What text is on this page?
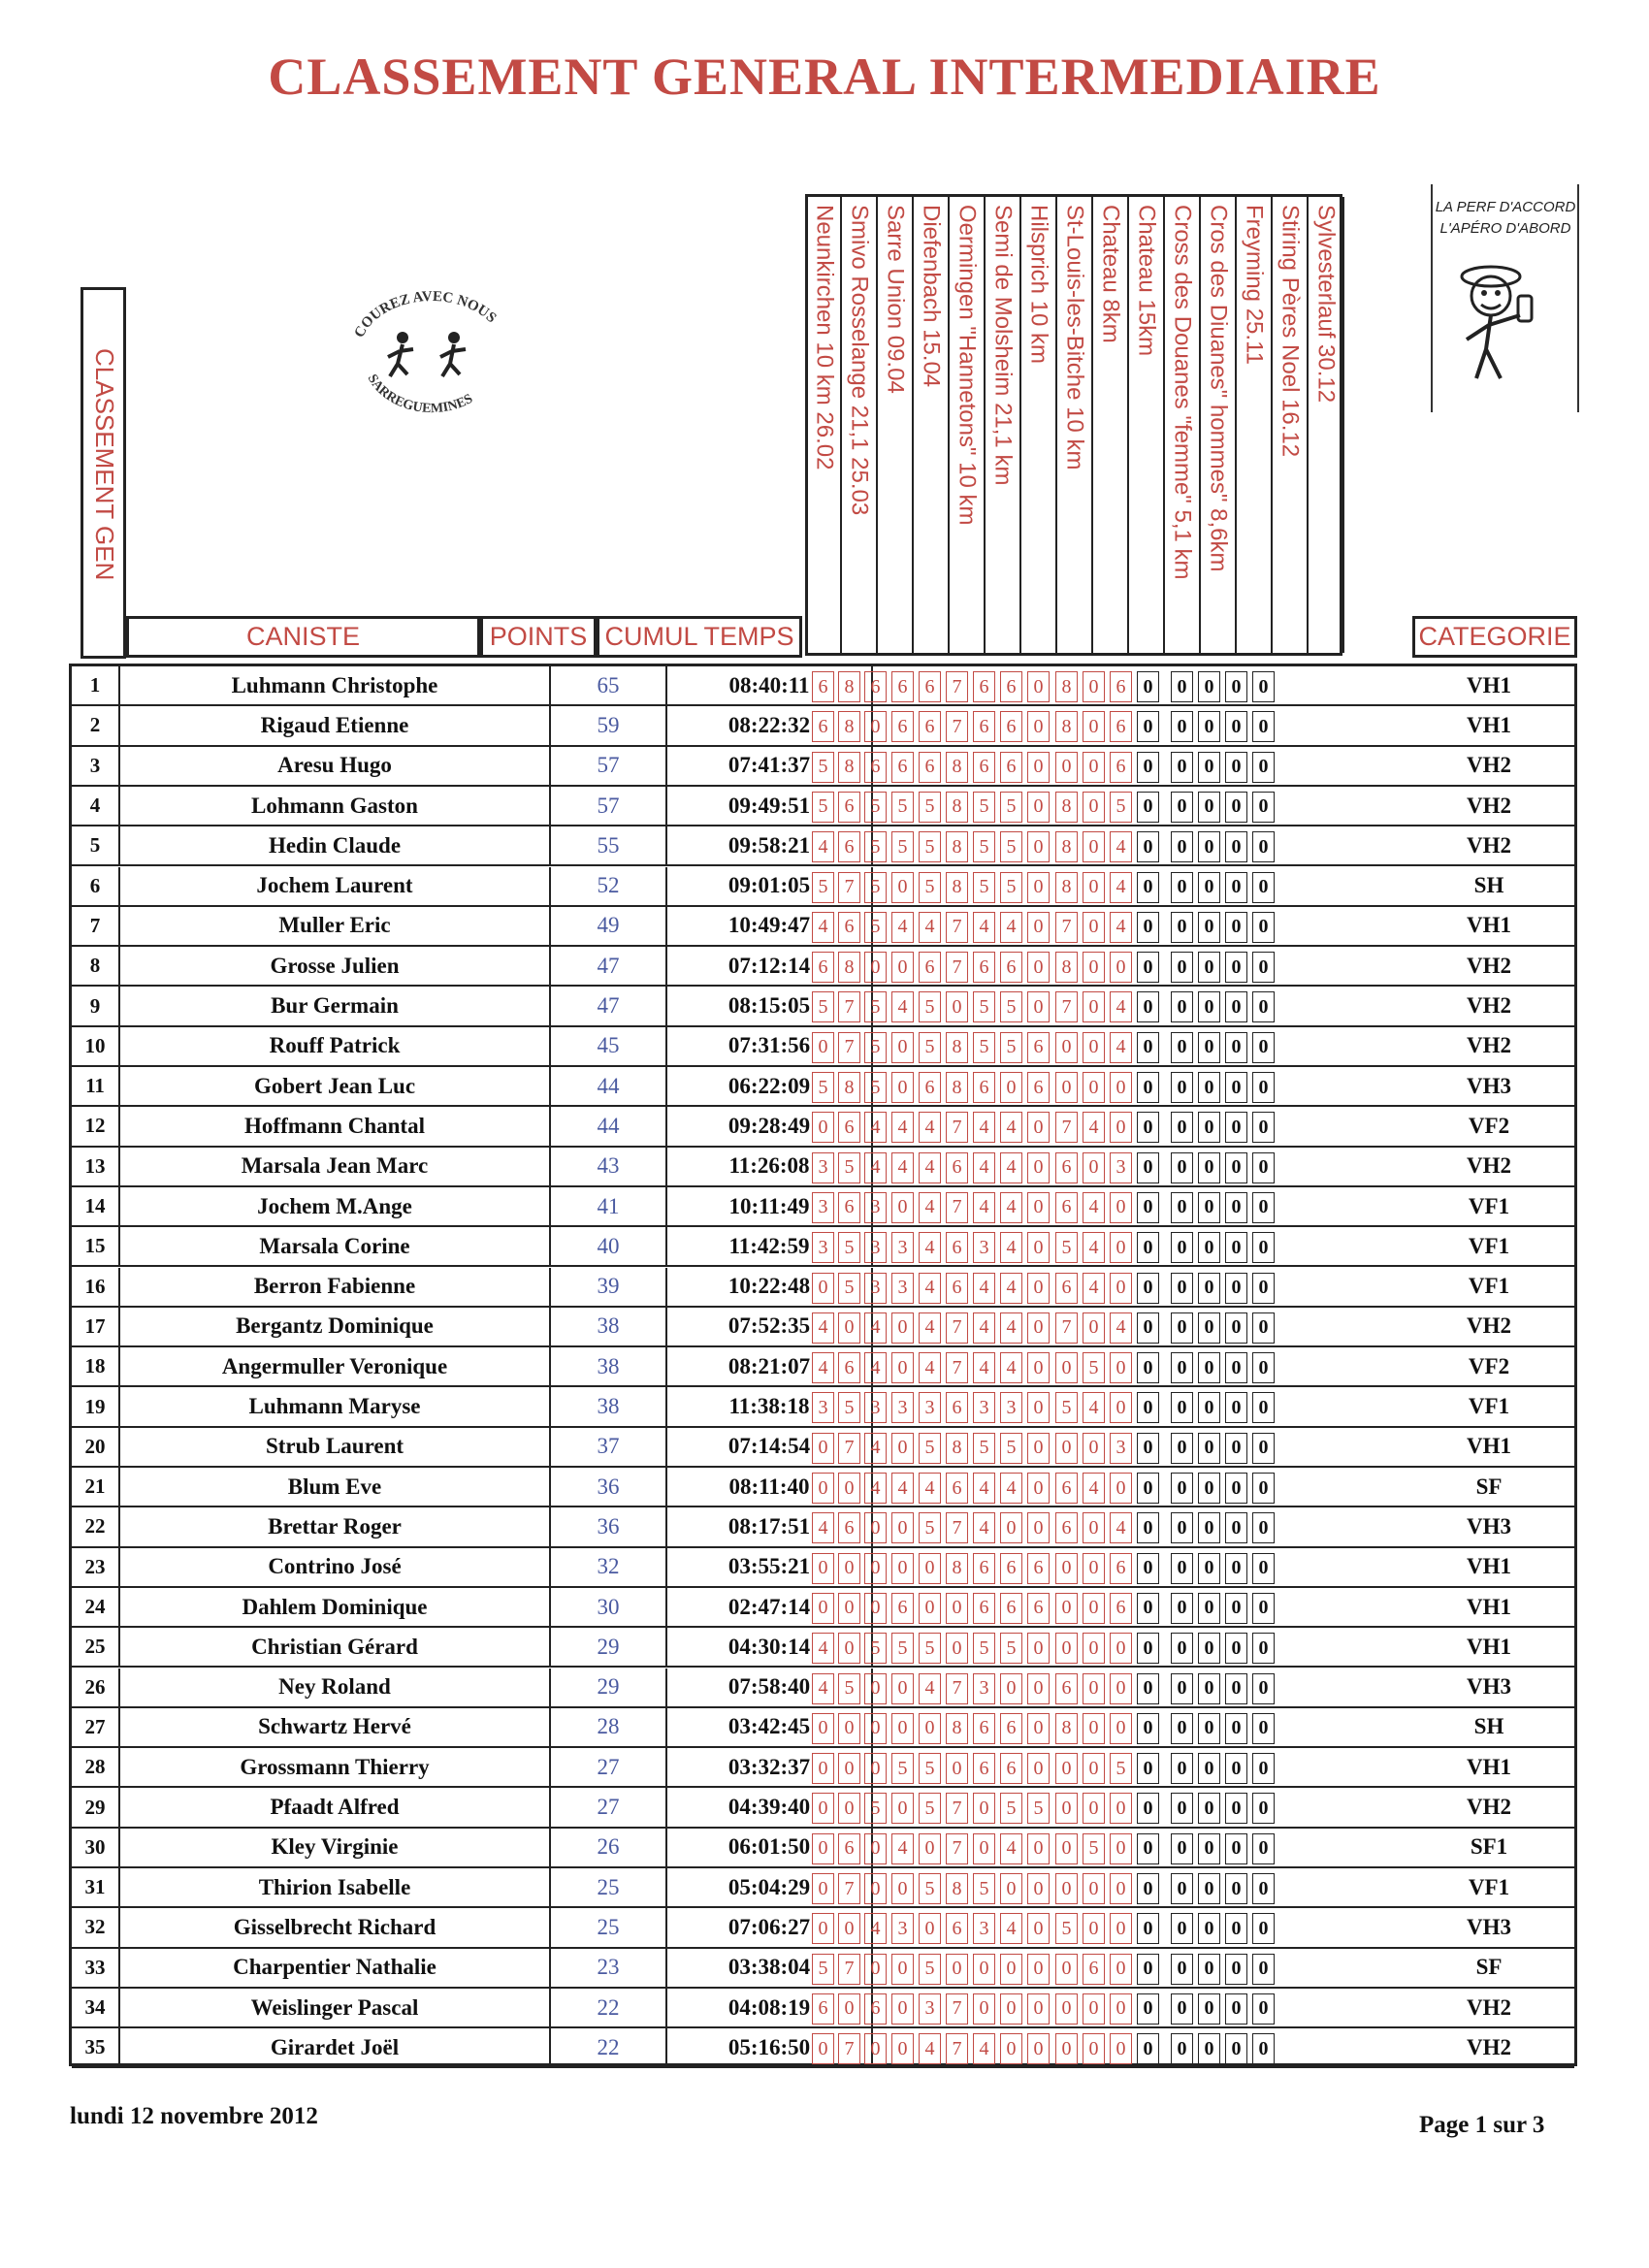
CLASSEMENT GENERAL INTERMEDIAIRE
CLASSEMENT GEN
COUREZ AVEC NOUS
SARREGUEMINES
LA PERF D'ACCORD
L'APÉRO D'ABORD
CANISTE	POINTS CUMUL TEMPS	CATEGORIE
Neunkirchen 10 km 26.02 Smivo Rosselange 21,1 25.03 Sarre Union 09.04 Diefenbach 15.04 Oermingen "Hannetons" 10 km Semi de Molsheim 21,1 km Hilsprich 10 km St-Louis-les-Bitche 10 km Chateau 8km Chateau 15km Cross des Douanes "femme" 5,1 km Cros des Diuanes" hommes" 8,6km Freyming 25.11 Stiring Pères Noel 16.12 Sylvesterlauf 30.12
1	Luhmann Christophe	65	08:40:11 6 8 6 6 6 7 6 6 0 8 0 6 0	0 0 0 0	VH1
2	Rigaud Etienne	59	08:22:32 6 8 0 6 6 7 6 6 0 8 0 6 0	0 0 0 0	VH1
3	Aresu Hugo	57	07:41:37 5 8 6 6 6 8 6 6 0 0 0 6 0	0 0 0 0	VH2
4	Lohmann Gaston	57	09:49:51 5 6 5 5 5 8 5 5 0 8 0 5 0	0 0 0 0	VH2
5	Hedin Claude	55	09:58:21 4 6 5 5 5 8 5 5 0 8 0 4 0	0 0 0 0	VH2
6	Jochem Laurent	52	09:01:05 5 7 5 0 5 8 5 5 0 8 0 4 0	0 0 0 0	SH
7	Muller Eric	49	10:49:47 4 6 5 4 4 7 4 4 0 7 0 4 0	0 0 0 0	VH1
8	Grosse Julien	47	07:12:14 6 8 0 0 6 7 6 6 0 8 0 0 0	0 0 0 0	VH2
9	Bur Germain	47	08:15:05 5 7 5 4 5 0 5 5 0 7 0 4 0	0 0 0 0	VH2
10	Rouff Patrick	45	07:31:56 0 7 5 0 5 8 5 5 6 0 0 4 0	0 0 0 0	VH2
11	Gobert Jean Luc	44	06:22:09 5 8 5 0 6 8 6 0 6 0 0 0 0	0 0 0 0	VH3
12	Hoffmann Chantal	44	09:28:49 0 6 4 4 4 7 4 4 0 7 4 0 0	0 0 0 0	VF2
13	Marsala Jean Marc	43	11:26:08 3 5 4 4 4 6 4 4 0 6 0 3 0	0 0 0 0	VH2
14	Jochem M.Ange	41	10:11:49 3 6 3 0 4 7 4 4 0 6 4 0 0	0 0 0 0	VF1
15	Marsala Corine	40	11:42:59 3 5 3 3 4 6 3 4 0 5 4 0 0	0 0 0 0	VF1
16	Berron Fabienne	39	10:22:48 0 5 3 3 4 6 4 4 0 6 4 0 0	0 0 0 0	VF1
17	Bergantz Dominique	38	07:52:35 4 0 4 0 4 7 4 4 0 7 0 4 0	0 0 0 0	VH2
18	Angermuller Veronique	38	08:21:07 4 6 4 0 4 7 4 4 0 0 5 0 0	0 0 0 0	VF2
19	Luhmann Maryse	38	11:38:18 3 5 3 3 3 6 3 3 0 5 4 0 0	0 0 0 0	VF1
20	Strub Laurent	37	07:14:54 0 7 4 0 5 8 5 5 0 0 0 3 0	0 0 0 0	VH1
21	Blum Eve	36	08:11:40 0 0 4 4 4 6 4 4 0 6 4 0 0	0 0 0 0	SF
22	Brettar Roger	36	08:17:51 4 6 0 0 5 7 4 0 0 6 0 4 0	0 0 0 0	VH3
23	Contrino José	32	03:55:21 0 0 0 0 0 8 6 6 6 0 0 6 0	0 0 0 0	VH1
24	Dahlem Dominique	30	02:47:14 0 0 0 6 0 0 6 6 6 0 0 6 0	0 0 0 0	VH1
25	Christian Gérard	29	04:30:14 4 0 5 5 5 0 5 5 0 0 0 0 0	0 0 0 0	VH1
26	Ney Roland	29	07:58:40 4 5 0 0 4 7 3 0 0 6 0 0 0	0 0 0 0	VH3
27	Schwartz Hervé	28	03:42:45 0 0 0 0 0 8 6 6 0 8 0 0 0	0 0 0 0	SH
28	Grossmann Thierry	27	03:32:37 0 0 0 5 5 0 6 6 0 0 0 5 0	0 0 0 0	VH1
29	Pfaadt Alfred	27	04:39:40 0 0 5 0 5 7 0 5 5 0 0 0 0	0 0 0 0	VH2
30	Kley Virginie	26	06:01:50 0 6 0 4 0 7 0 4 0 0 5 0 0	0 0 0 0	SF1
31	Thirion Isabelle	25	05:04:29 0 7 0 0 5 8 5 0 0 0 0 0 0	0 0 0 0	VF1
32	Gisselbrecht Richard	25	07:06:27 0 0 4 3 0 6 3 4 0 5 0 0 0	0 0 0 0	VH3
33	Charpentier Nathalie	23	03:38:04 5 7 0 0 5 0 0 0 0 0 6 0 0	0 0 0 0	SF
34	Weislinger Pascal	22	04:08:19 6 0 6 0 3 7 0 0 0 0 0 0 0	0 0 0 0	VH2
35	Girardet Joël	22	05:16:50 0 7 0 0 4 7 4 0 0 0 0 0 0	0 0 0 0	VH2
lundi 12 novembre 2012	Page 1 sur 3
